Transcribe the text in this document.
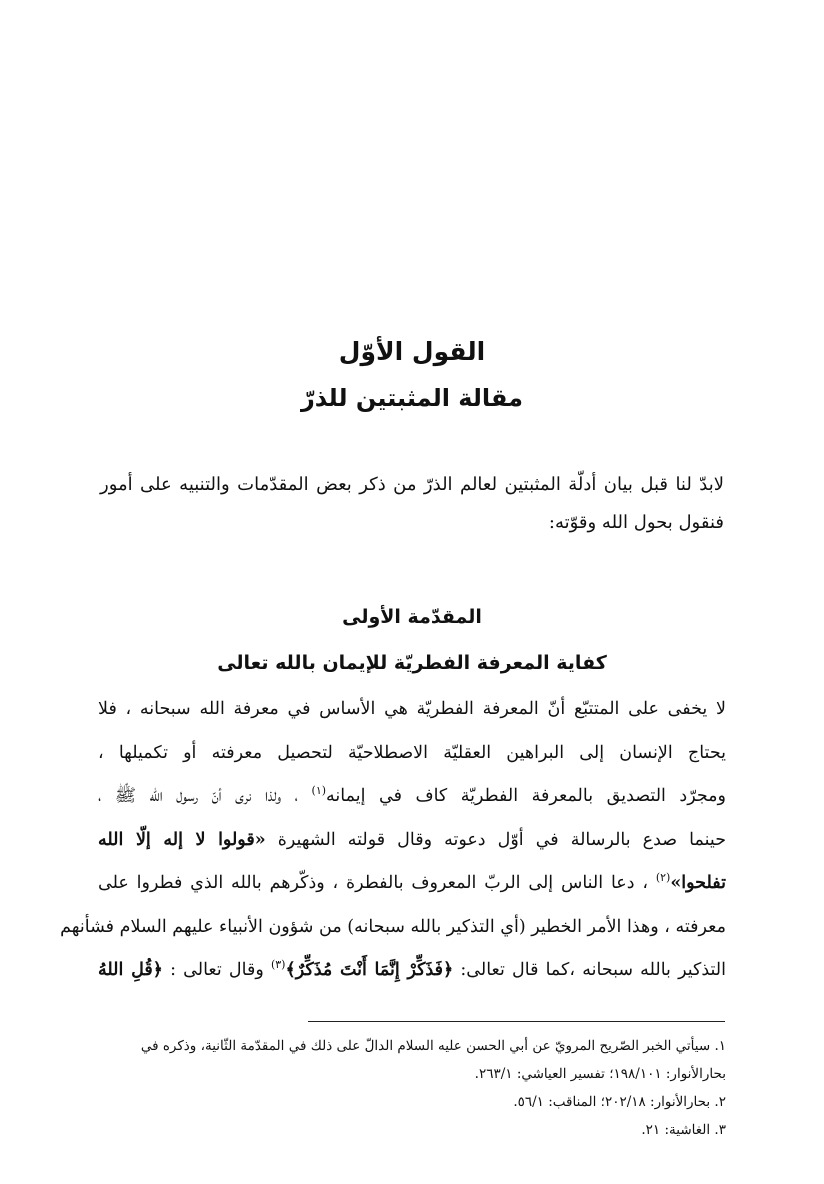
القول الأوّل
مقالة المثبتين للذرّ
لابدّ لنا قبل بيان أدلّة المثبتين لعالم الذرّ من ذكر بعض المقدّمات والتنبيه على أمور فنقول بحول الله وقوّته:
المقدّمة الأولى
كفاية المعرفة الفطريّة للإيمان بالله تعالى
لا يخفى على المتتبّع أنّ المعرفة الفطريّة هي الأساس في معرفة الله سبحانه ، فلا
يحتاج الإنسان إلى البراهين العقليّة الاصطلاحيّة لتحصيل معرفته أو تكميلها ،
ومجرّد التصديق بالمعرفة الفطريّة كاف في إيمانه$^{(١)}$ ، ولذا نرى أنّ رسول الله ﷺ ،
حينما صدع بالرسالة في أوّل دعوته وقال قولته الشهيرة «قولوا لا إله إلّا الله
تفلحوا»$^{(٢)}$ ، دعا الناس إلى الربّ المعروف بالفطرة ، وذكّرهم بالله الذي فطروا على
معرفته ، وهذا الأمر الخطير (أي التذكير بالله سبحانه) من شؤون الأنبياء عليهم السلام فشأنهم
التذكير بالله سبحانه ،كما قال تعالى: ﴿فَذَكِّرْ إِنَّمَا أَنْتَ مُذَكِّرٌ﴾$^{(٣)}$ وقال تعالى : ﴿قُلِ اللهُ
١. سيأتي الخبر الصّريح المرويّ عن أبي الحسن عليه السلام الدالّ على ذلك في المقدّمة الثّانية، وذكره في
بحارالأنوار: ١٩٨/١٠١؛ تفسير العياشي: ٢٦٣/١.
٢. بحارالأنوار: ٢٠٢/١٨؛ المناقب: ٥٦/١.
٣. الغاشية: ٢١.
